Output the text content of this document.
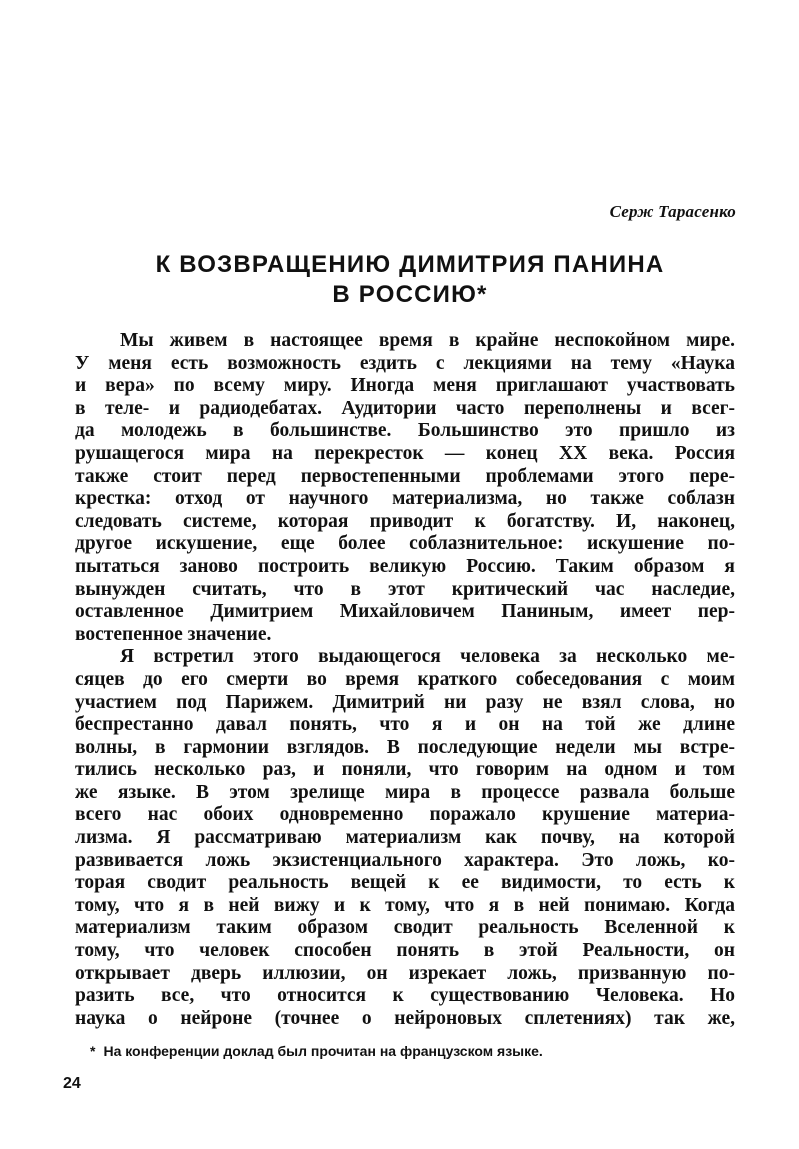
Серж Тарасенко
К ВОЗВРАЩЕНИЮ ДИМИТРИЯ ПАНИНА
В РОССИЮ*
Мы живем в настоящее время в крайне неспокойном мире.
У меня есть возможность ездить с лекциями на тему «Наука
и вера» по всему миру. Иногда меня приглашают участвовать
в теле- и радиодебатах. Аудитории часто переполнены и всег-
да молодежь в большинстве. Большинство это пришло из
рушащегося мира на перекресток — конец XX века. Россия
также стоит перед первостепенными проблемами этого пере-
крестка: отход от научного материализма, но также соблазн
следовать системе, которая приводит к богатству. И, наконец,
другое искушение, еще более соблазнительное: искушение по-
пытаться заново построить великую Россию. Таким образом я
вынужден считать, что в этот критический час наследие,
оставленное Димитрием Михайловичем Паниным, имеет пер-
востепенное значение.
Я встретил этого выдающегося человека за несколько ме-
сяцев до его смерти во время краткого собеседования с моим
участием под Парижем. Димитрий ни разу не взял слова, но
беспрестанно давал понять, что я и он на той же длине
волны, в гармонии взглядов. В последующие недели мы встре-
тились несколько раз, и поняли, что говорим на одном и том
же языке. В этом зрелище мира в процессе развала больше
всего нас обоих одновременно поражало крушение материа-
лизма. Я рассматриваю материализм как почву, на которой
развивается ложь экзистенциального характера. Это ложь, ко-
торая сводит реальность вещей к ее видимости, то есть к
тому, что я в ней вижу и к тому, что я в ней понимаю. Когда
материализм таким образом сводит реальность Вселенной к
тому, что человек способен понять в этой Реальности, он
открывает дверь иллюзии, он изрекает ложь, призванную по-
разить все, что относится к существованию Человека. Но
наука о нейроне (точнее о нейроновых сплетениях) так же,
* На конференции доклад был прочитан на французском языке.
24
